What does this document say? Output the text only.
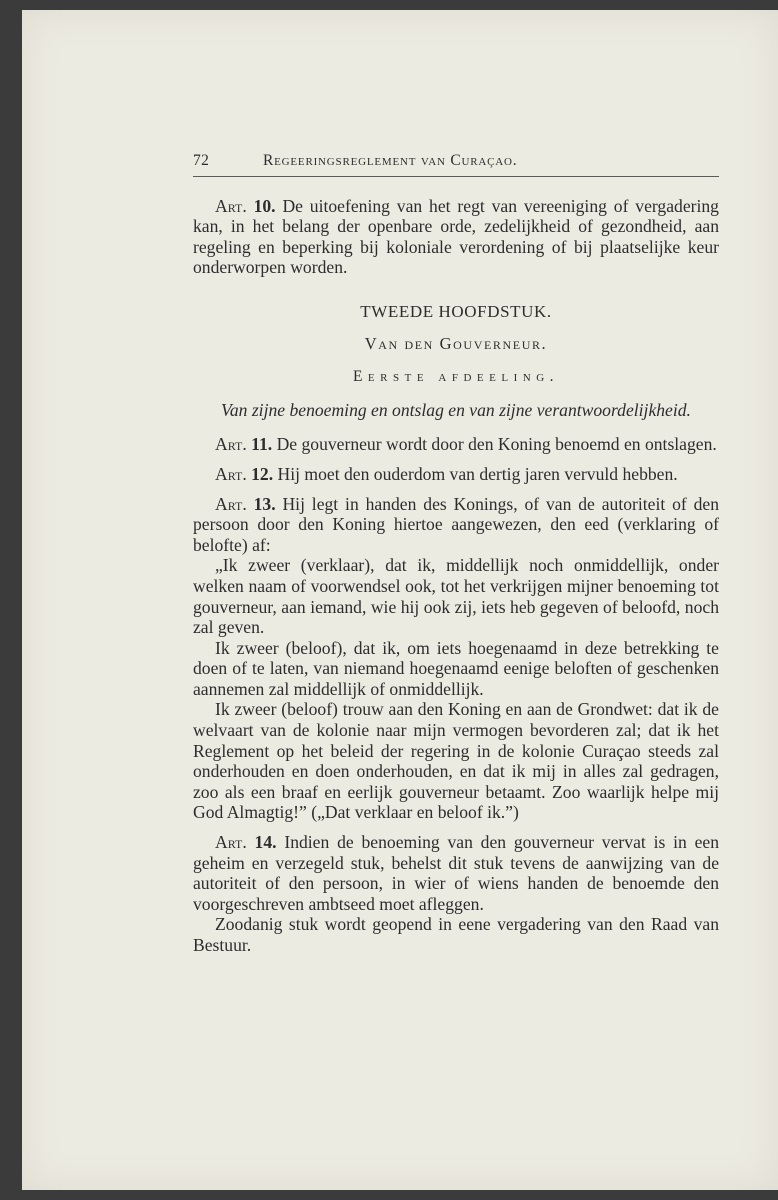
72	Regeeringsreglement van Curaçao.

Art. 10. De uitoefening van het regt van vereeniging of vergadering kan, in het belang der openbare orde, zedelijkheid of gezondheid, aan regeling en beperking bij koloniale verordening of bij plaatselijke keur onderworpen worden.

TWEEDE HOOFDSTUK.
Van den Gouverneur.
Eerste afdeeling.
Van zijne benoeming en ontslag en van zijne verantwoordelijkheid.

Art. 11. De gouverneur wordt door den Koning benoemd en ontslagen.

Art. 12. Hij moet den ouderdom van dertig jaren vervuld hebben.

Art. 13. Hij legt in handen des Konings, of van de autoriteit of den persoon door den Koning hiertoe aangewezen, den eed (verklaring of belofte) af:

„Ik zweer (verklaar), dat ik, middellijk noch onmiddellijk, onder welken naam of voorwendsel ook, tot het verkrijgen mijner benoeming tot gouverneur, aan iemand, wie hij ook zij, iets heb gegeven of beloofd, noch zal geven.

Ik zweer (beloof), dat ik, om iets hoegenaamd in deze betrekking te doen of te laten, van niemand hoegenaamd eenige beloften of geschenken aannemen zal middellijk of onmiddellijk.

Ik zweer (beloof) trouw aan den Koning en aan de Grondwet: dat ik de welvaart van de kolonie naar mijn vermogen bevorderen zal; dat ik het Reglement op het beleid der regering in de kolonie Curaçao steeds zal onderhouden en doen onderhouden, en dat ik mij in alles zal gedragen, zoo als een braaf en eerlijk gouverneur betaamt. Zoo waarlijk helpe mij God Almagtig!” („Dat verklaar en beloof ik.”)

Art. 14. Indien de benoeming van den gouverneur vervat is in een geheim en verzegeld stuk, behelst dit stuk tevens de aanwijzing van de autoriteit of den persoon, in wier of wiens handen de benoemde den voorgeschreven ambtseed moet afleggen.

Zoodanig stuk wordt geopend in eene vergadering van den Raad van Bestuur.
